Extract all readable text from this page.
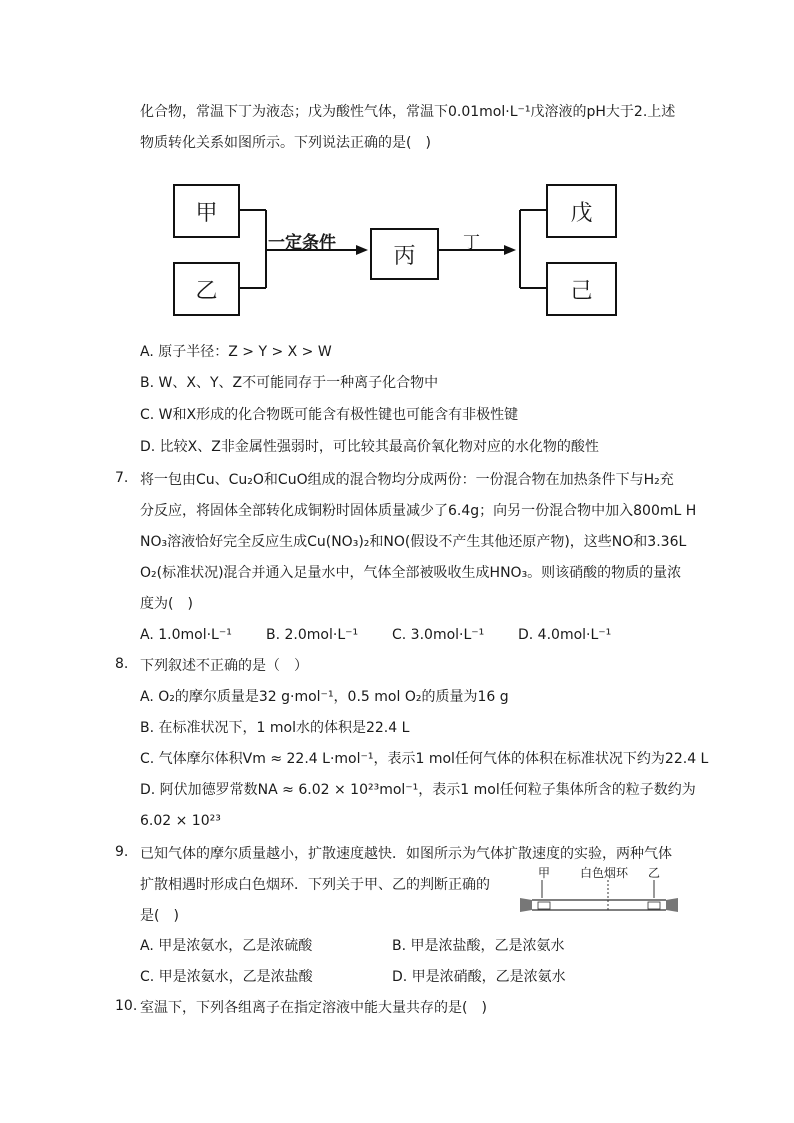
化合物，常温下丁为液态；戊为酸性气体，常温下0.01mol·L⁻¹戊溶液的pH大于2.上述
物质转化关系如图所示。下列说法正确的是(　)
甲
乙
一定条件
丙
丁
戊
己
A. 原子半径：Z > Y > X > W
B. W、X、Y、Z不可能同存于一种离子化合物中
C. W和X形成的化合物既可能含有极性键也可能含有非极性键
D. 比较X、Z非金属性强弱时，可比较其最高价氧化物对应的水化物的酸性
7. 将一包由Cu、Cu₂O和CuO组成的混合物均分成两份：一份混合物在加热条件下与H₂充
分反应，将固体全部转化成铜粉时固体质量减少了6.4g；向另一份混合物中加入800mL H
NO₃溶液恰好完全反应生成Cu(NO₃)₂和NO(假设不产生其他还原产物)，这些NO和3.36L
O₂(标准状况)混合并通入足量水中，气体全部被吸收生成HNO₃。则该硝酸的物质的量浓
度为(　)
A. 1.0mol·L⁻¹ B. 2.0mol·L⁻¹ C. 3.0mol·L⁻¹ D. 4.0mol·L⁻¹
8. 下列叙述不正确的是（　）
A. O₂的摩尔质量是32 g·mol⁻¹，0.5 mol O₂的质量为16 g
B. 在标准状况下，1 mol水的体积是22.4 L
C. 气体摩尔体积Vm ≈ 22.4 L·mol⁻¹，表示1 mol任何气体的体积在标准状况下约为22.4 L
D. 阿伏加德罗常数NA ≈ 6.02 × 10²³mol⁻¹，表示1 mol任何粒子集体所含的粒子数约为
6.02 × 10²³
9. 已知气体的摩尔质量越小，扩散速度越快．如图所示为气体扩散速度的实验，两种气体
扩散相遇时形成白色烟环．下列关于甲、乙的判断正确的
是(　)
甲 白色烟环 乙
A. 甲是浓氨水，乙是浓硫酸	B. 甲是浓盐酸，乙是浓氨水
C. 甲是浓氨水，乙是浓盐酸	D. 甲是浓硝酸，乙是浓氨水
10. 室温下，下列各组离子在指定溶液中能大量共存的是(　)
